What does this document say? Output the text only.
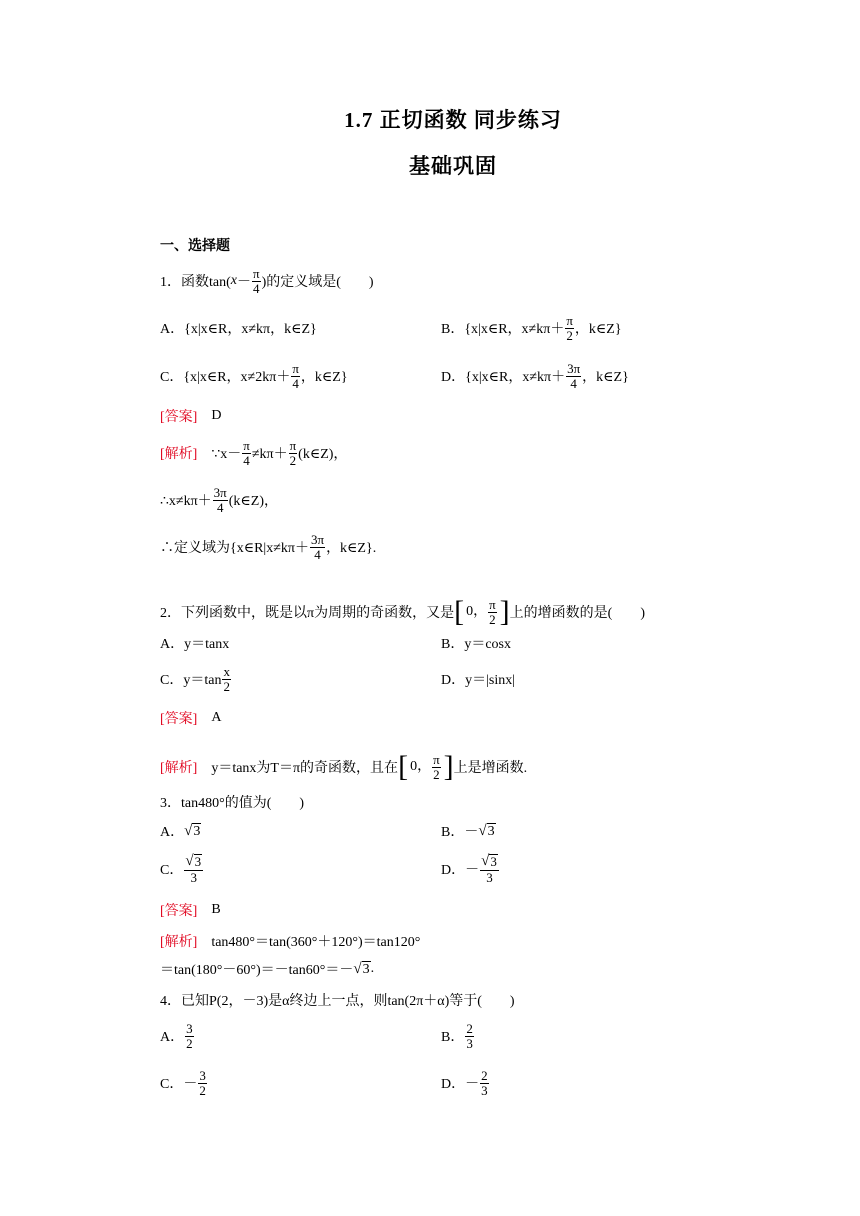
1.7 正切函数 同步练习
基础巩固
一、选择题
1． 函数tan( $x - \frac{\pi}{4}$ )的定义域是(　　)
A．{x|x∈R，x≠kπ，k∈Z}	B．{x|x∈R，$x\ne k\pi+ \frac{\pi}{2}$ ，k∈Z}
C．{x|x∈R，$x\ne 2k\pi+ \frac{\pi}{4}$ ，k∈Z}	D．{x|x∈R，$x\ne k\pi+ \frac{3\pi}{4}$ ，k∈Z}
[答案] D
[解析] ∵x－ $\frac{\pi}{4} \ne k\pi+ \frac{\pi}{2}$ (k∈Z)，
∴x≠kπ＋ $\frac{3\pi}{4}$ (k∈Z)，
∴定义域为{x∈R|x≠kπ＋ $\frac{3\pi}{4}$ ，k∈Z}.
2． 下列函数中，既是以π为周期的奇函数，又是 [ 0， $\frac{\pi}{2}$ ] 上的增函数的是(　　)
A．y＝tanx	B．y＝cosx
C．$y=\tan \frac{x}{2}$	D．y＝|sinx|
[答案] A
[解析] y＝tanx为T＝π的奇函数，且在 [ 0， $\frac{\pi}{2}$ ] 上是增函数.
3． tan480°的值为(　　)
A． √ 3	B．－ √ 3
C． $\frac{√ 3}{3}$	D．－ $\frac{√ 3}{3}$
[答案] B
[解析] tan480°＝tan(360°＋120°)＝tan120°
＝tan(180°－60°)＝－tan60°＝－ √ 3 .
4． 已知P(2，－3)是α终边上一点，则tan(2π＋α)等于(　　)
A． $\frac{3}{2}$	B． $\frac{2}{3}$
C．－ $\frac{3}{2}$	D．－ $\frac{2}{3}$
